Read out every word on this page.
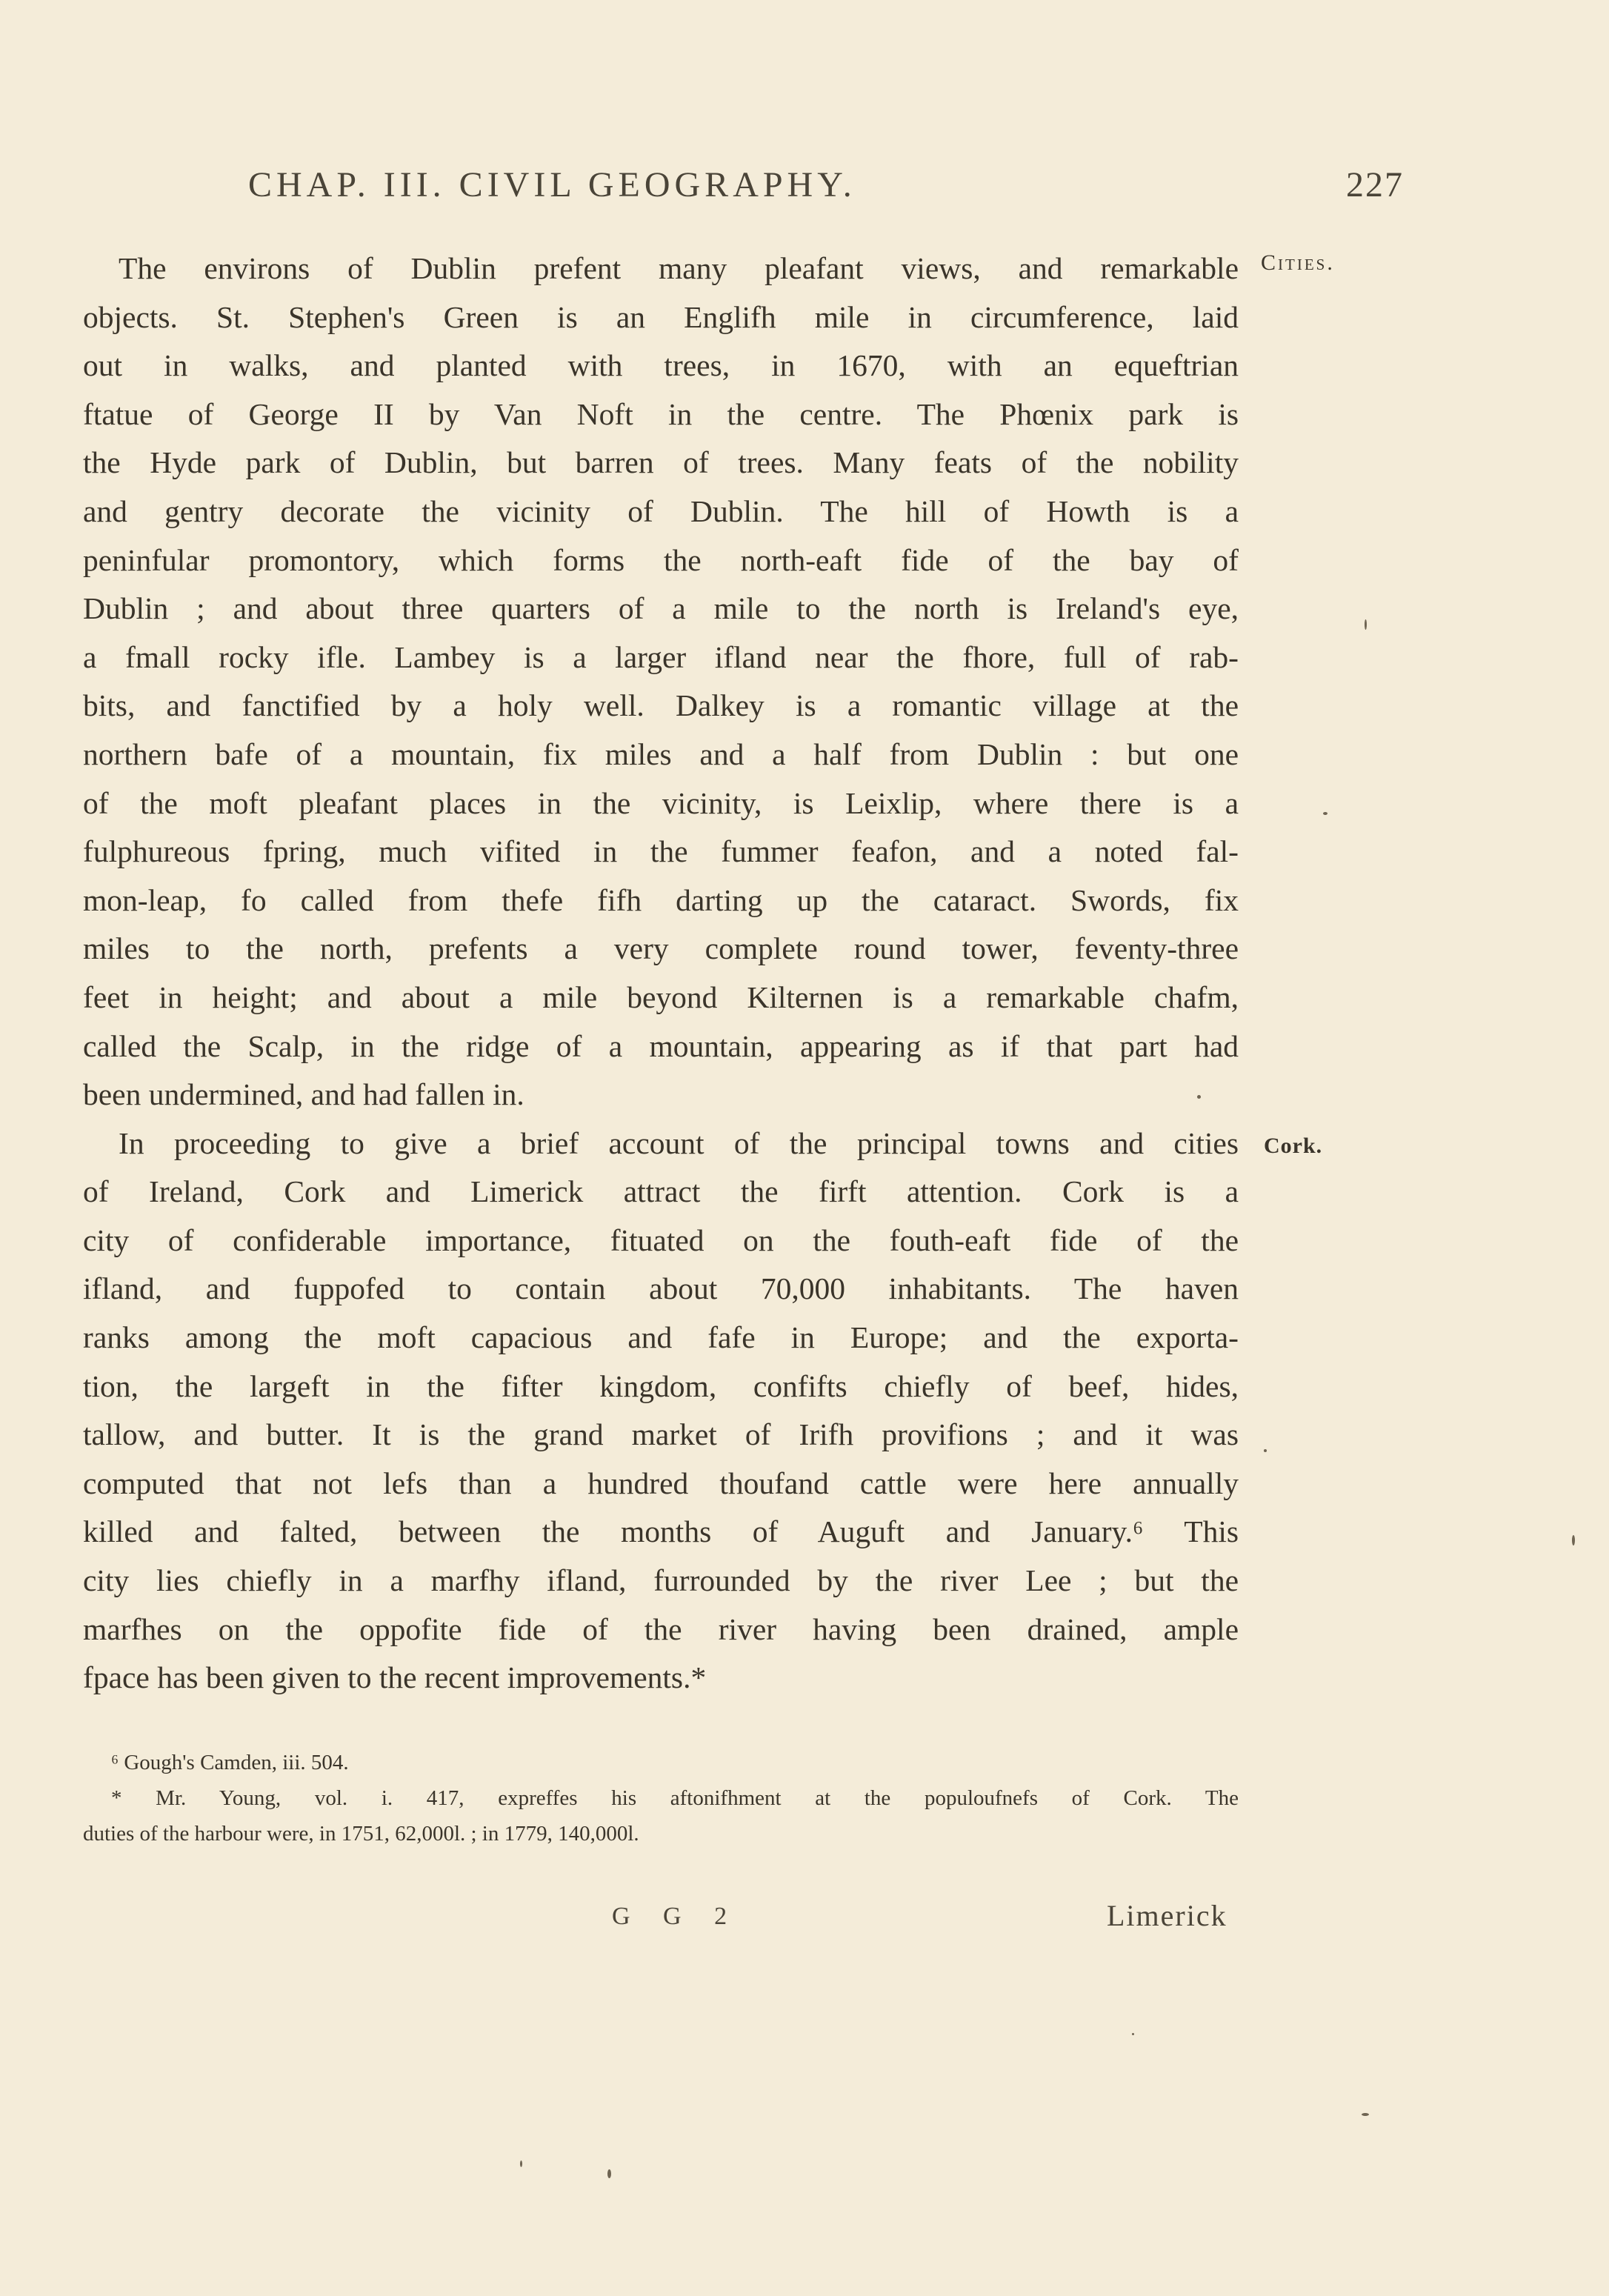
CHAP. III. CIVIL GEOGRAPHY.	227
Cities.
Cork.
The environs of Dublin prefent many pleafant views, and remarkable
objects. St. Stephen's Green is an Englifh mile in circumference, laid
out in walks, and planted with trees, in 1670, with an equeftrian
ftatue of George II by Van Noft in the centre. The Phœnix park is
the Hyde park of Dublin, but barren of trees. Many feats of the nobility
and gentry decorate the vicinity of Dublin. The hill of Howth is a
peninfular promontory, which forms the north-eaft fide of the bay of
Dublin ; and about three quarters of a mile to the north is Ireland's eye,
a fmall rocky ifle. Lambey is a larger ifland near the fhore, full of rab-
bits, and fanctified by a holy well. Dalkey is a romantic village at the
northern bafe of a mountain, fix miles and a half from Dublin : but one
of the moft pleafant places in the vicinity, is Leixlip, where there is a
fulphureous fpring, much vifited in the fummer feafon, and a noted fal-
mon-leap, fo called from thefe fifh darting up the cataract. Swords, fix
miles to the north, prefents a very complete round tower, feventy-three
feet in height; and about a mile beyond Kilternen is a remarkable chafm,
called the Scalp, in the ridge of a mountain, appearing as if that part had
been undermined, and had fallen in.
In proceeding to give a brief account of the principal towns and cities
of Ireland, Cork and Limerick attract the firft attention. Cork is a
city of confiderable importance, fituated on the fouth-eaft fide of the
ifland, and fuppofed to contain about 70,000 inhabitants. The haven
ranks among the moft capacious and fafe in Europe; and the exporta-
tion, the largeft in the fifter kingdom, confifts chiefly of beef, hides,
tallow, and butter. It is the grand market of Irifh provifions ; and it was
computed that not lefs than a hundred thoufand cattle were here annually
killed and falted, between the months of Auguft and January.⁶ This
city lies chiefly in a marfhy ifland, furrounded by the river Lee ; but the
marfhes on the oppofite fide of the river having been drained, ample
fpace has been given to the recent improvements.*
⁶ Gough's Camden, iii. 504.
* Mr. Young, vol. i. 417, expreffes his aftonifhment at the populoufnefs of Cork. The
duties of the harbour were, in 1751, 62,000l. ; in 1779, 140,000l.
G G 2	Limerick
